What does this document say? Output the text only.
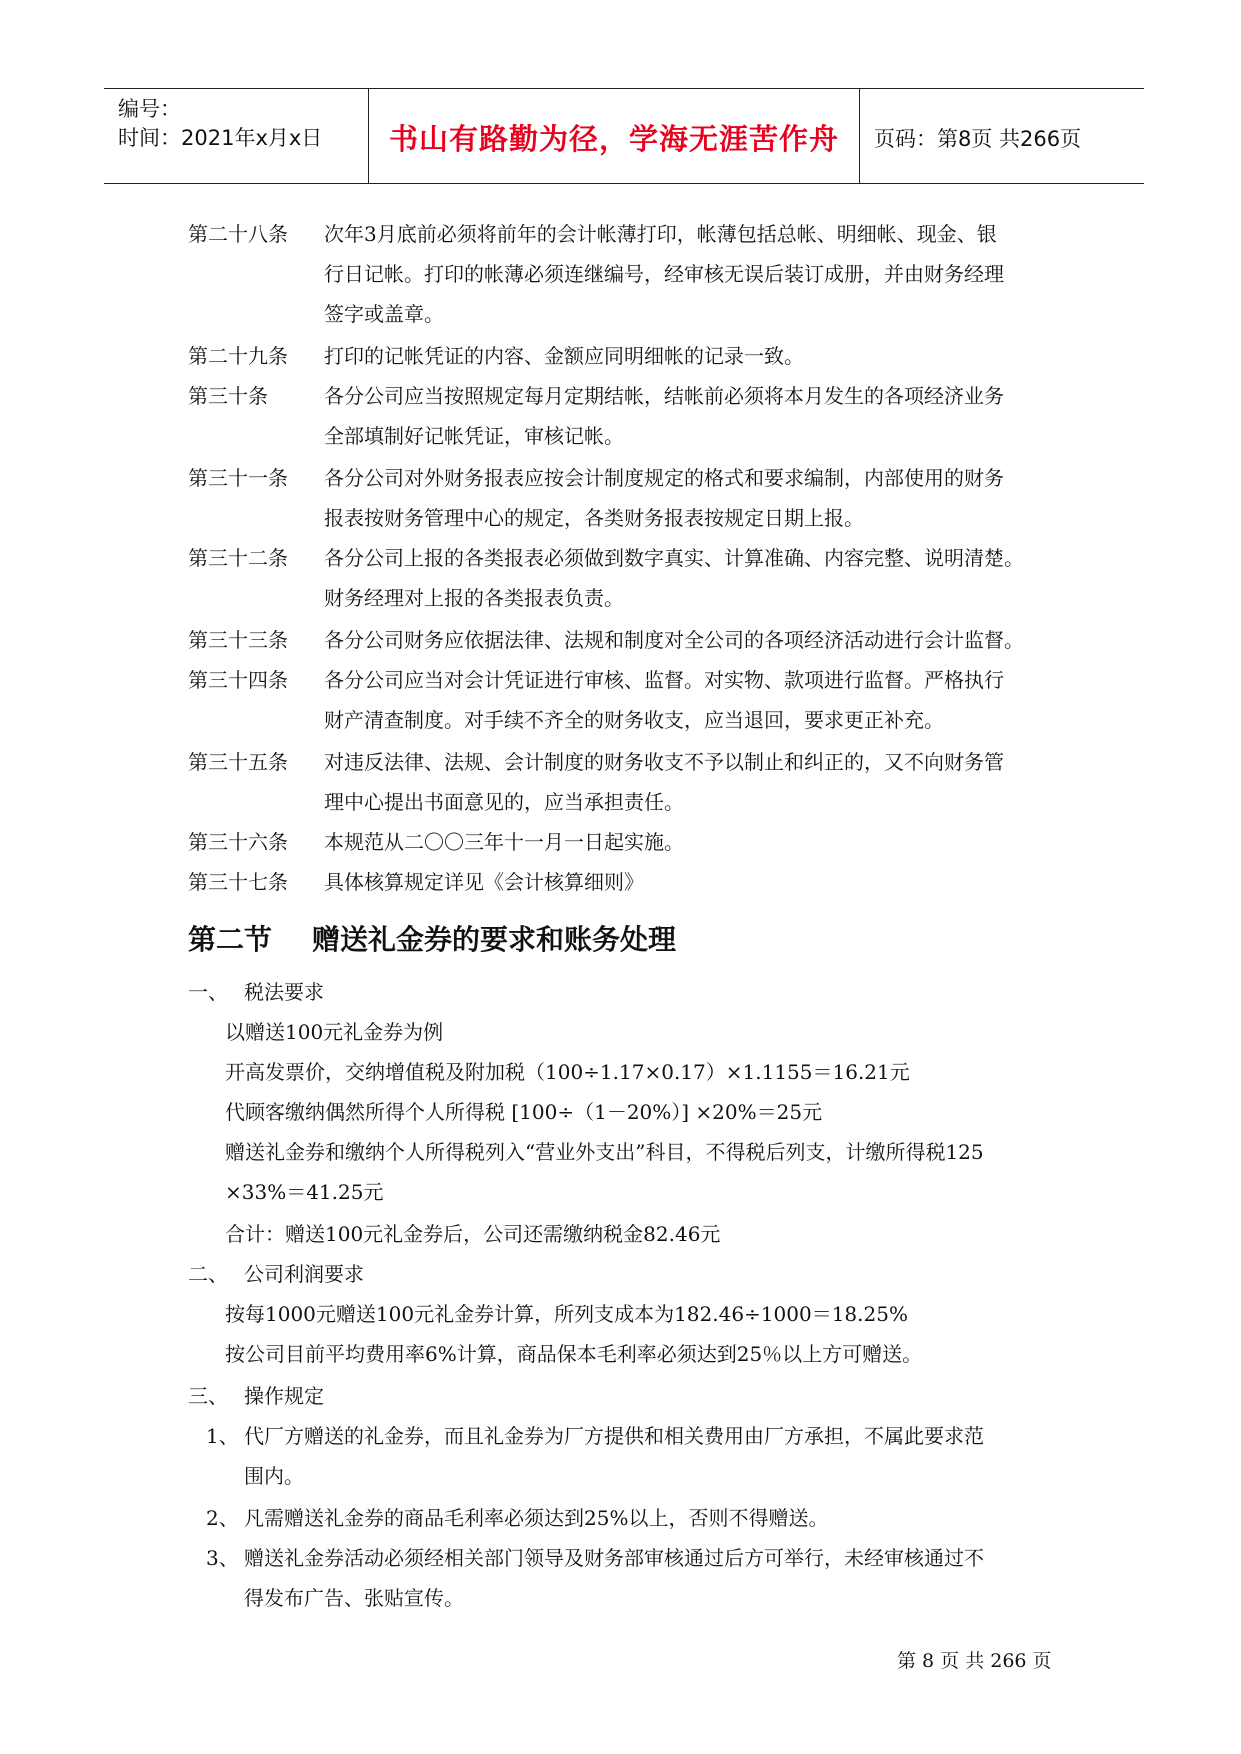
编号：
时间：2021年x月x日	书山有路勤为径，学海无涯苦作舟	页码：第8页 共266页
第二十八条 次年3月底前必须将前年的会计帐薄打印，帐薄包括总帐、明细帐、现金、银
行日记帐。打印的帐薄必须连继编号，经审核无误后装订成册，并由财务经理
签字或盖章。
第二十九条 打印的记帐凭证的内容、金额应同明细帐的记录一致。
第三十条	各分公司应当按照规定每月定期结帐，结帐前必须将本月发生的各项经济业务
全部填制好记帐凭证，审核记帐。
第三十一条 各分公司对外财务报表应按会计制度规定的格式和要求编制，内部使用的财务
报表按财务管理中心的规定，各类财务报表按规定日期上报。
第三十二条 各分公司上报的各类报表必须做到数字真实、计算准确、内容完整、说明清楚。
财务经理对上报的各类报表负责。
第三十三条 各分公司财务应依据法律、法规和制度对全公司的各项经济活动进行会计监督。
第三十四条 各分公司应当对会计凭证进行审核、监督。对实物、款项进行监督。严格执行
财产清查制度。对手续不齐全的财务收支，应当退回，要求更正补充。
第三十五条 对违反法律、法规、会计制度的财务收支不予以制止和纠正的，又不向财务管
理中心提出书面意见的，应当承担责任。
第三十六条 本规范从二〇〇三年十一月一日起实施。
第三十七条 具体核算规定详见《会计核算细则》
第二节 赠送礼金券的要求和账务处理
一、 税法要求
以赠送100元礼金券为例
开高发票价，交纳增值税及附加税（100÷1.17×0.17）×1.1155＝16.21元
代顾客缴纳偶然所得个人所得税 [100÷（1－20%）] ×20%＝25元
赠送礼金券和缴纳个人所得税列入“营业外支出”科目，不得税后列支，计缴所得税125
×33%＝41.25元
合计：赠送100元礼金券后，公司还需缴纳税金82.46元
二、 公司利润要求
按每1000元赠送100元礼金券计算，所列支成本为182.46÷1000＝18.25%
按公司目前平均费用率6%计算，商品保本毛利率必须达到25％以上方可赠送。
三、 操作规定
1、 代厂方赠送的礼金券，而且礼金券为厂方提供和相关费用由厂方承担，不属此要求范
围内。
2、 凡需赠送礼金券的商品毛利率必须达到25%以上，否则不得赠送。
3、 赠送礼金券活动必须经相关部门领导及财务部审核通过后方可举行，未经审核通过不
得发布广告、张贴宣传。
第 8 页 共 266 页
